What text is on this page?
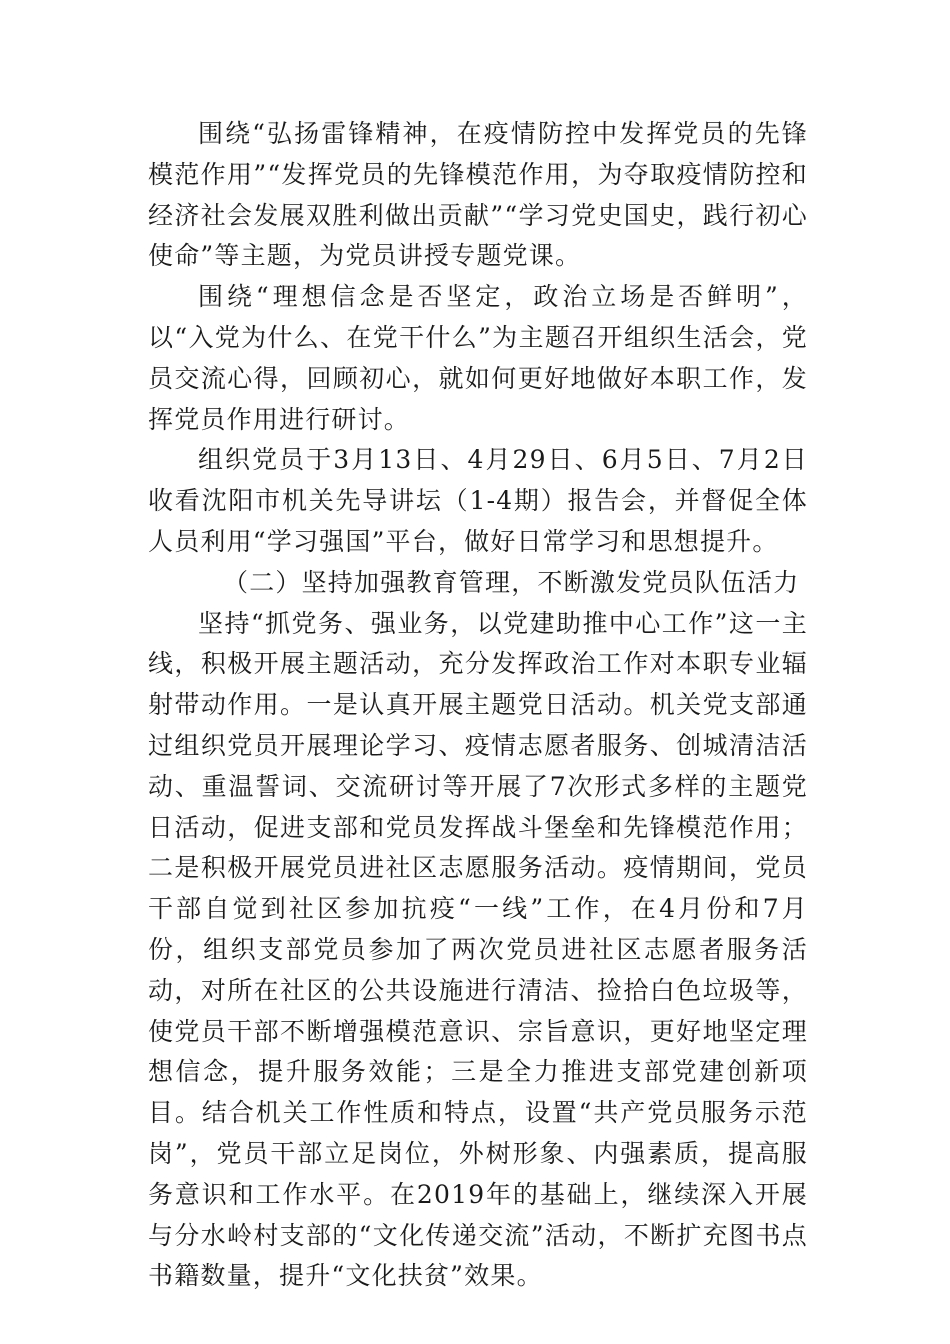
围绕“弘扬雷锋精神，在疫情防控中发挥党员的先锋模范作用”“发挥党员的先锋模范作用，为夺取疫情防控和经济社会发展双胜利做出贡献”“学习党史国史，践行初心使命”等主题，为党员讲授专题党课。

围绕“理想信念是否坚定，政治立场是否鲜明”，以“入党为什么、在党干什么”为主题召开组织生活会，党员交流心得，回顾初心，就如何更好地做好本职工作，发挥党员作用进行研讨。

组织党员于3月13日、4月29日、6月5日、7月2日收看沈阳市机关先导讲坛（1-4期）报告会，并督促全体人员利用“学习强国”平台，做好日常学习和思想提升。

（二）坚持加强教育管理，不断激发党员队伍活力

坚持“抓党务、强业务，以党建助推中心工作”这一主线，积极开展主题活动，充分发挥政治工作对本职专业辐射带动作用。一是认真开展主题党日活动。机关党支部通过组织党员开展理论学习、疫情志愿者服务、创城清洁活动、重温誓词、交流研讨等开展了7次形式多样的主题党日活动，促进支部和党员发挥战斗堡垒和先锋模范作用；二是积极开展党员进社区志愿服务活动。疫情期间，党员干部自觉到社区参加抗疫“一线”工作，在4月份和7月份，组织支部党员参加了两次党员进社区志愿者服务活动，对所在社区的公共设施进行清洁、捡拾白色垃圾等，使党员干部不断增强模范意识、宗旨意识，更好地坚定理想信念，提升服务效能；三是全力推进支部党建创新项目。结合机关工作性质和特点，设置“共产党员服务示范岗”，党员干部立足岗位，外树形象、内强素质，提高服务意识和工作水平。在2019年的基础上，继续深入开展与分水岭村支部的“文化传递交流”活动，不断扩充图书点书籍数量，提升“文化扶贫”效果。
